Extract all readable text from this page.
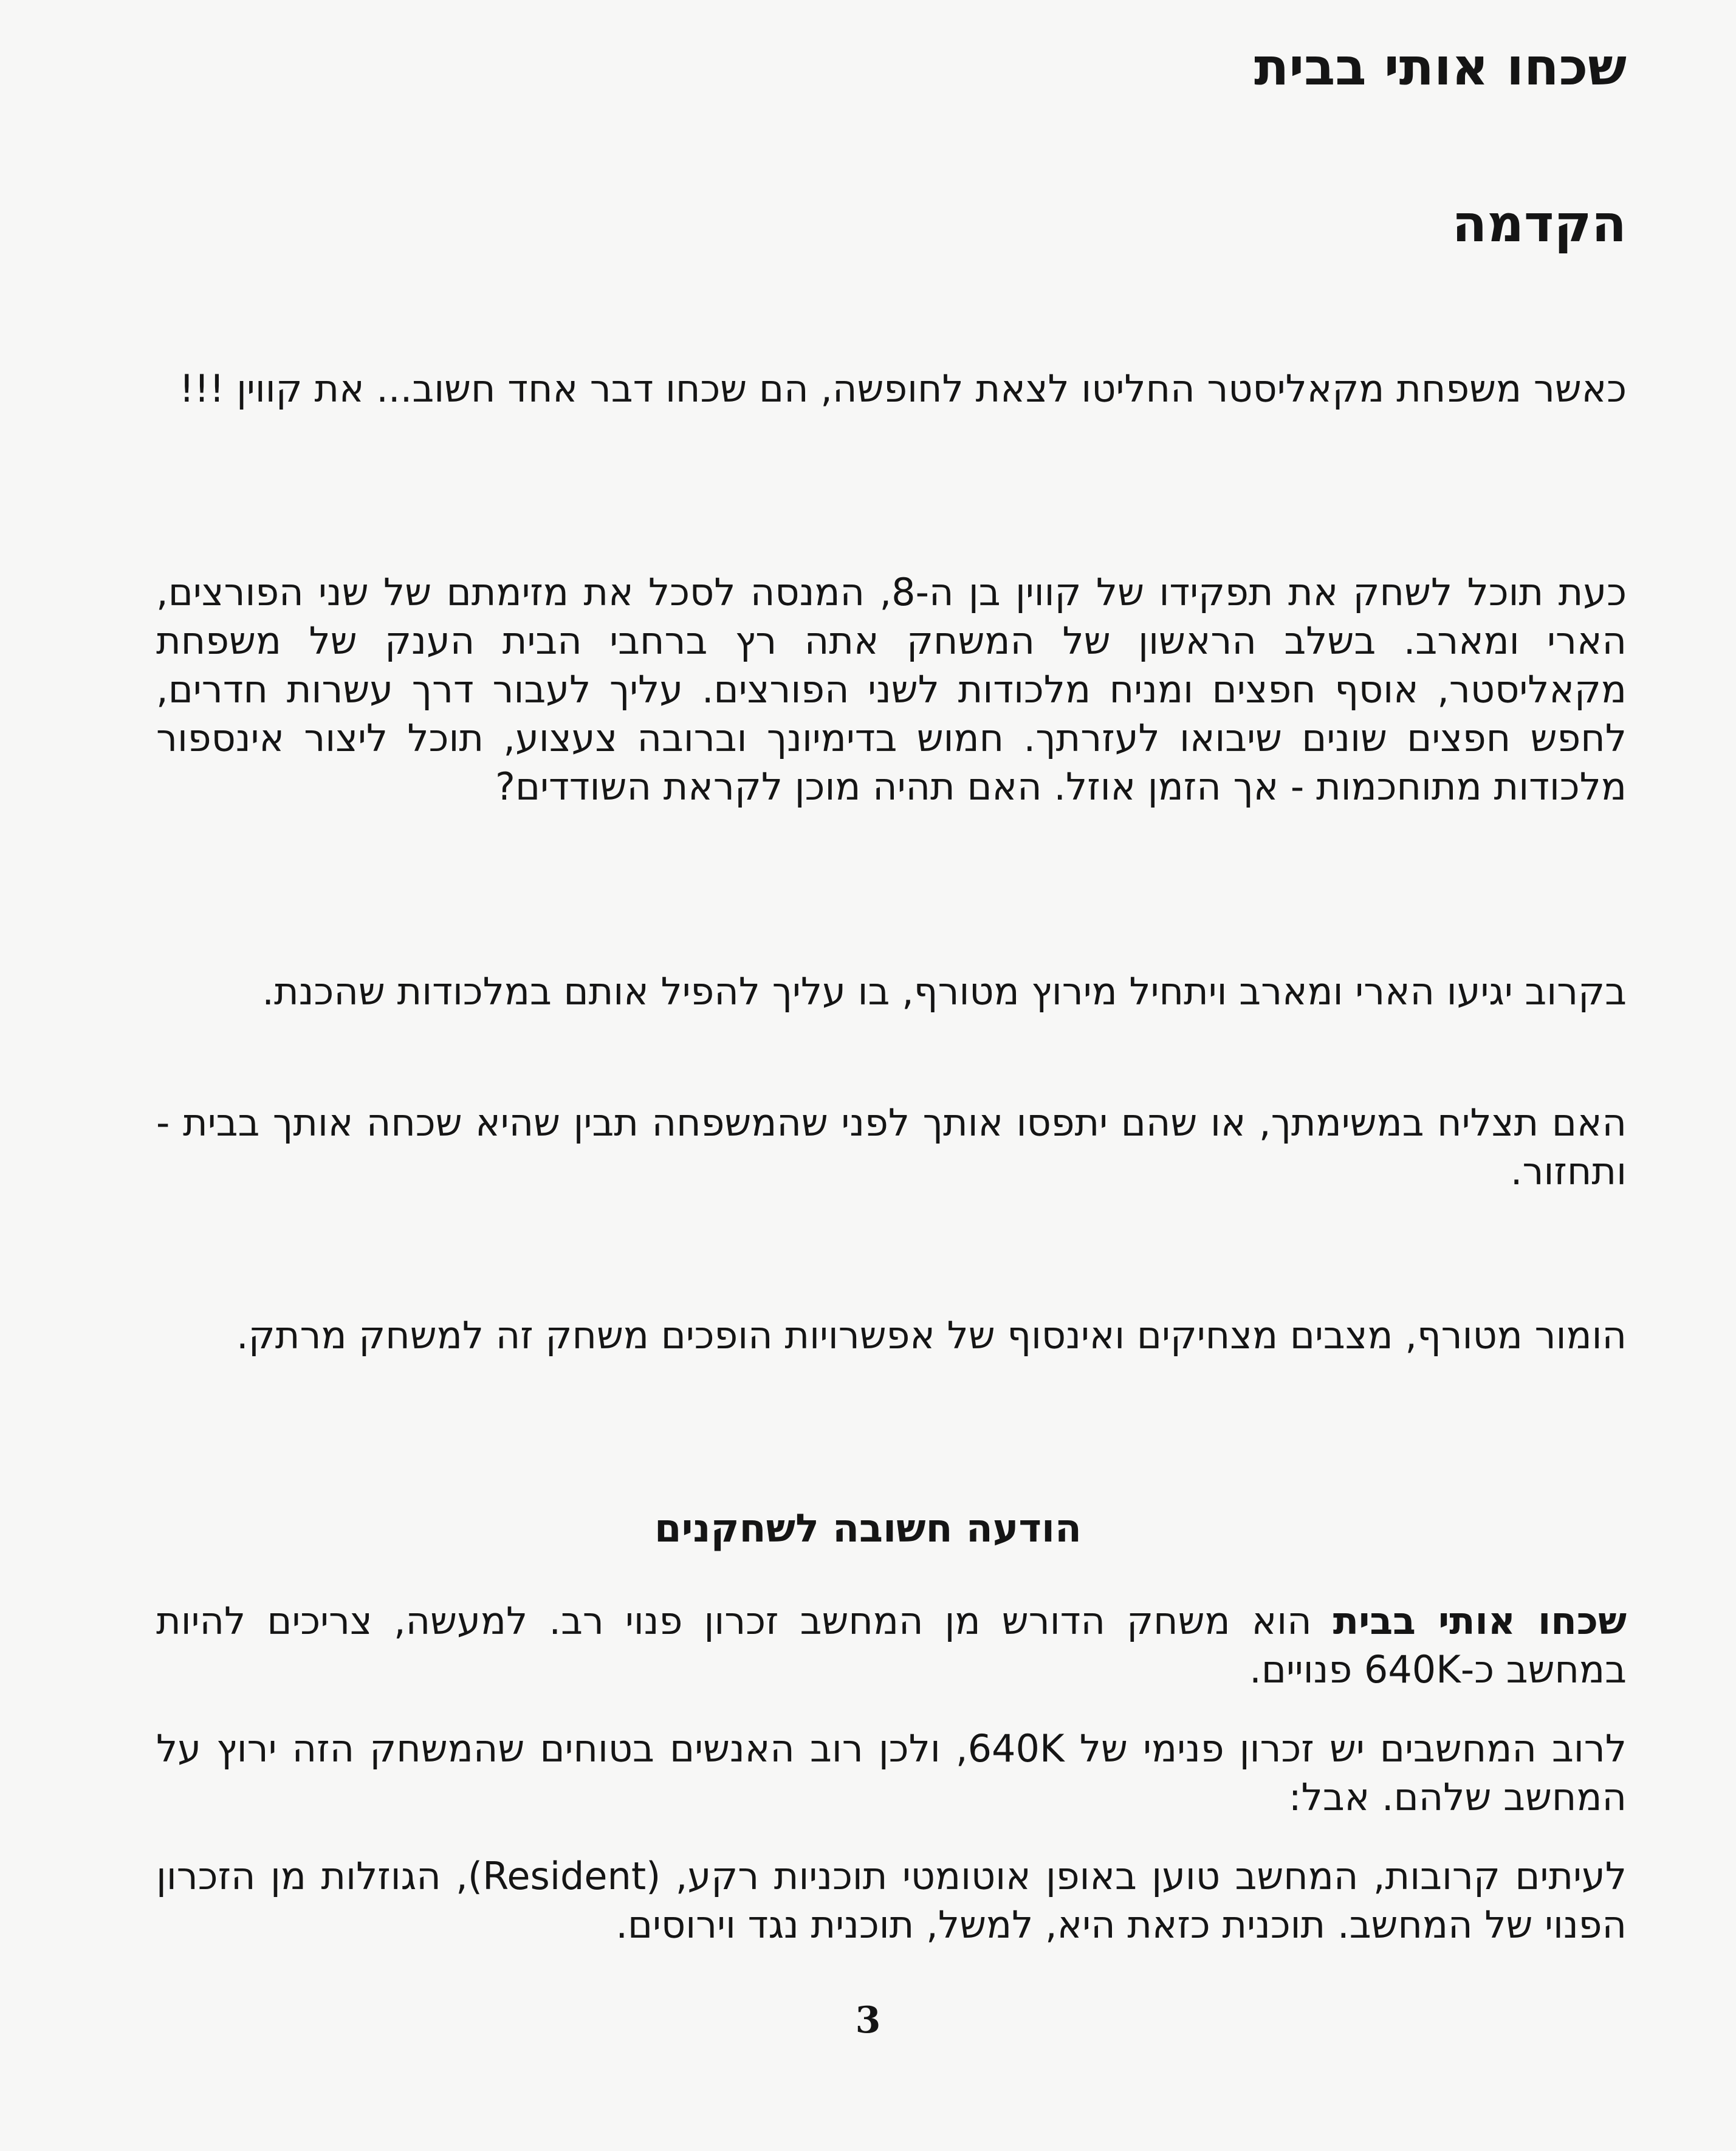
שכחו אותי בבית
הקדמה

כאשר משפחת מקאליסטר החליטו לצאת לחופשה, הם שכחו דבר אחד חשוב... את קווין !!!

כעת תוכל לשחק את תפקידו של קווין בן ה-8, המנסה לסכל את מזימתם של שני הפורצים, הארי ומארב. בשלב הראשון של המשחק אתה רץ ברחבי הבית הענק של משפחת מקאליסטר, אוסף חפצים ומניח מלכודות לשני הפורצים. עליך לעבור דרך עשרות חדרים, לחפש חפצים שונים שיבואו לעזרתך. חמוש בדימיונך וברובה צעצוע, תוכל ליצור אינספור מלכודות מתוחכמות - אך הזמן אוזל. האם תהיה מוכן לקראת השודדים?

בקרוב יגיעו הארי ומארב ויתחיל מירוץ מטורף, בו עליך להפיל אותם במלכודות שהכנת.

האם תצליח במשימתך, או שהם יתפסו אותך לפני שהמשפחה תבין שהיא שכחה אותך בבית - ותחזור.

הומור מטורף, מצבים מצחיקים ואינסוף של אפשרויות הופכים משחק זה למשחק מרתק.

הודעה חשובה לשחקנים

שכחו אותי בבית הוא משחק הדורש מן המחשב זכרון פנוי רב. למעשה, צריכים להיות במחשב כ-640K פנויים.

לרוב המחשבים יש זכרון פנימי של 640K, ולכן רוב האנשים בטוחים שהמשחק הזה ירוץ על המחשב שלהם. אבל:

לעיתים קרובות, המחשב טוען באופן אוטומטי תוכניות רקע, (Resident), הגוזלות מן הזכרון הפנוי של המחשב. תוכנית כזאת היא, למשל, תוכנית נגד וירוסים.

3
